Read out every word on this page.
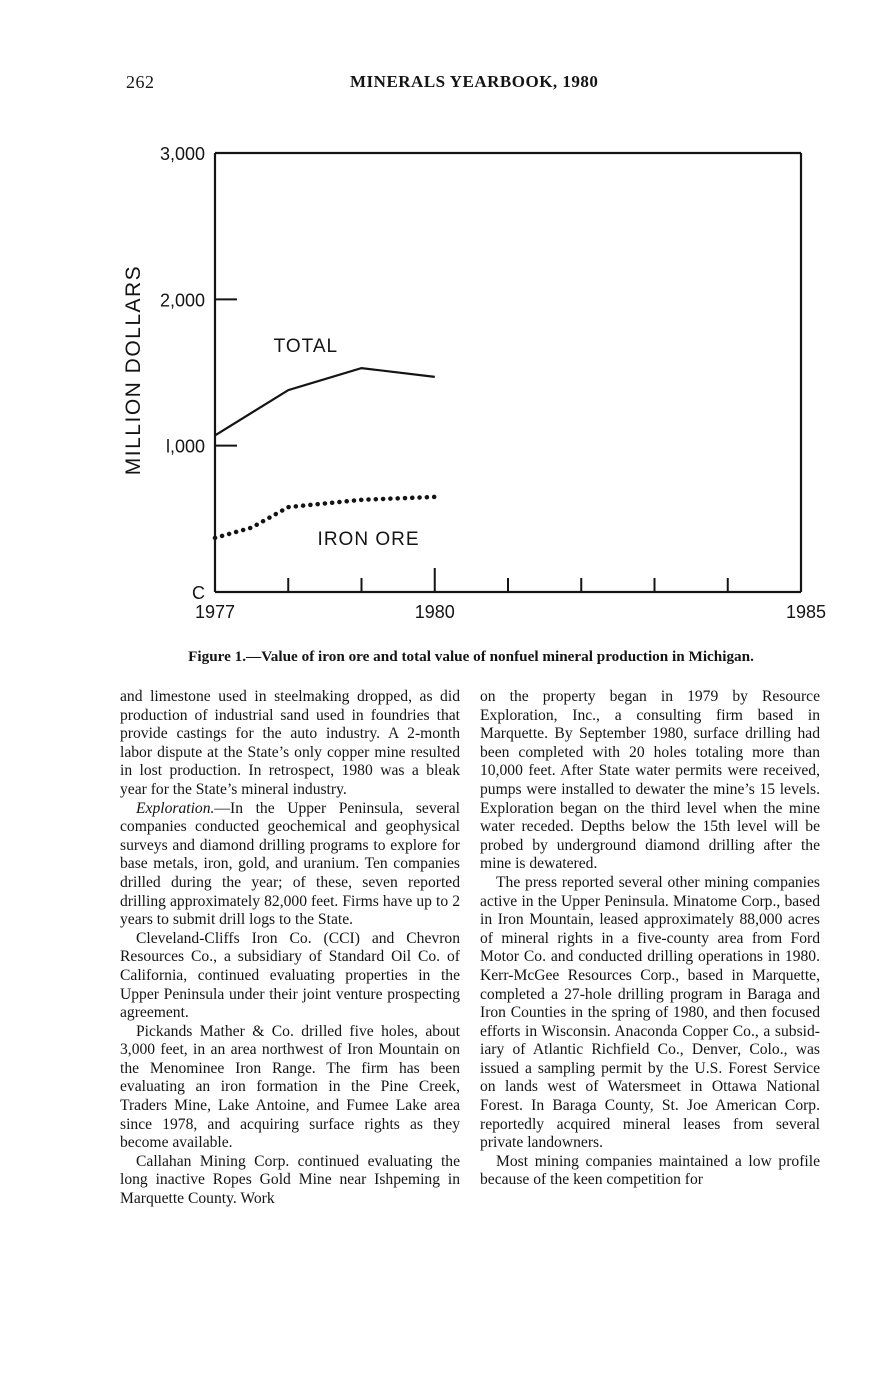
262	MINERALS YEARBOOK, 1980
C
l,000
2,000
3,000
1977	1980	1985
TOTAL
IRON ORE
MILLION DOLLARS
Figure 1.—Value of iron ore and total value of nonfuel mineral production in Michigan.

and limestone used in steelmaking dropped, as did production of industrial sand used in foundries that provide castings for the auto industry. A 2-month labor dispute at the State’s only copper mine resulted in lost production. In retrospect, 1980 was a bleak year for the State’s mineral industry.

Exploration.—In the Upper Peninsula, several companies conducted geochemical and geophysical surveys and diamond drilling programs to explore for base metals, iron, gold, and uranium. Ten companies drilled during the year; of these, seven reported drilling approximately 82,000 feet. Firms have up to 2 years to submit drill logs to the State.

Cleveland-Cliffs Iron Co. (CCI) and Chevron Resources Co., a subsidiary of Standard Oil Co. of California, continued evaluating properties in the Upper Peninsula under their joint venture prospecting agreement.

Pickands Mather & Co. drilled five holes, about 3,000 feet, in an area northwest of Iron Mountain on the Menominee Iron Range. The firm has been evaluating an iron formation in the Pine Creek, Traders Mine, Lake Antoine, and Fumee Lake area since 1978, and acquiring surface rights as they become available.

Callahan Mining Corp. continued evaluating the long inactive Ropes Gold Mine near Ishpeming in Marquette County. Work

on the property began in 1979 by Resource Exploration, Inc., a consulting firm based in Marquette. By September 1980, surface drilling had been completed with 20 holes totaling more than 10,000 feet. After State water permits were received, pumps were installed to dewater the mine’s 15 levels. Exploration began on the third level when the mine water receded. Depths below the 15th level will be probed by underground diamond drilling after the mine is dewatered.

The press reported several other mining companies active in the Upper Peninsula. Minatome Corp., based in Iron Mountain, leased approximately 88,000 acres of mineral rights in a five-county area from Ford Motor Co. and conducted drilling operations in 1980. Kerr-McGee Resources Corp., based in Marquette, completed a 27-hole drilling program in Baraga and Iron Counties in the spring of 1980, and then focused efforts in Wisconsin. Anaconda Copper Co., a subsidiary of Atlantic Richfield Co., Denver, Colo., was issued a sampling permit by the U.S. Forest Service on lands west of Watersmeet in Ottawa National Forest. In Baraga County, St. Joe American Corp. reportedly acquired mineral leases from several private landowners.

Most mining companies maintained a low profile because of the keen competition for
